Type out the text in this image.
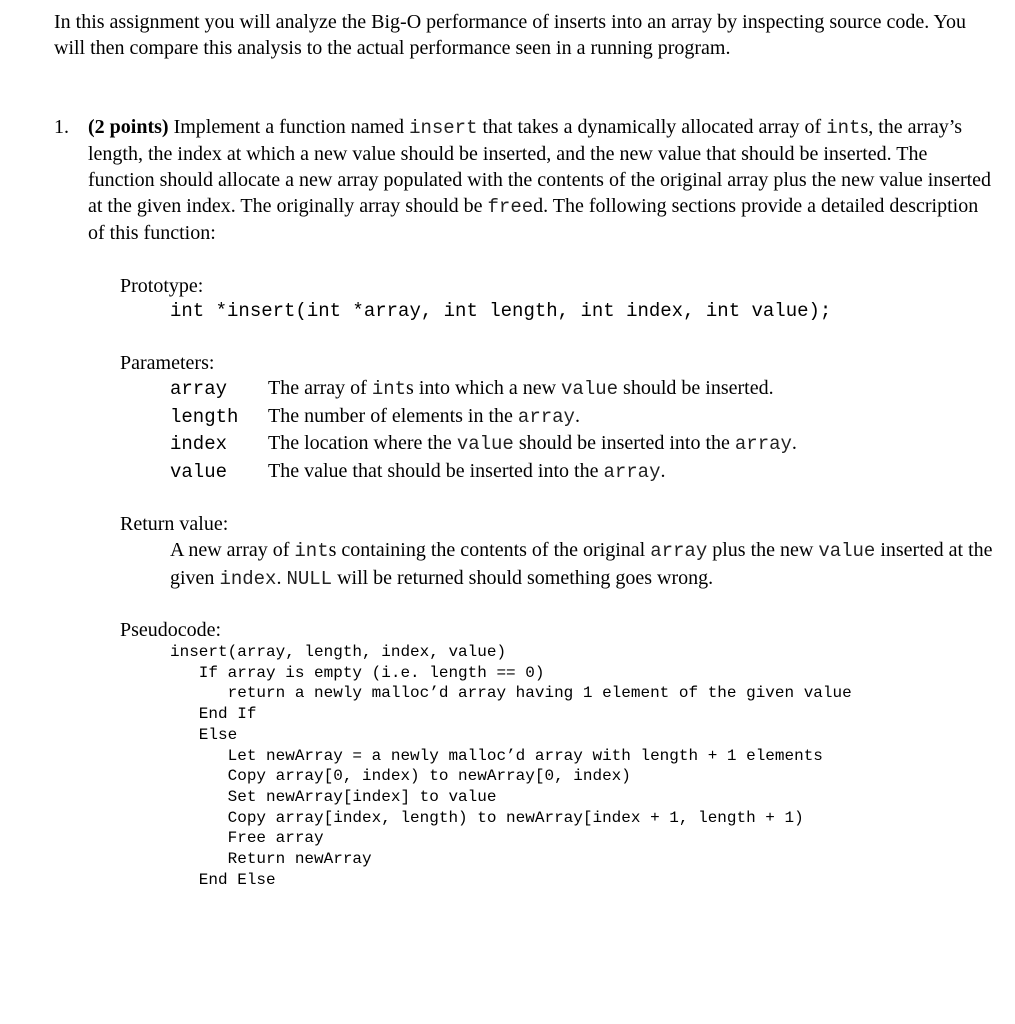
In this assignment you will analyze the Big-O performance of inserts into an array by inspecting source code. You will then compare this analysis to the actual performance seen in a running program.
1. (2 points) Implement a function named insert that takes a dynamically allocated array of ints, the array’s length, the index at which a new value should be inserted, and the new value that should be inserted. The function should allocate a new array populated with the contents of the original array plus the new value inserted at the given index. The originally array should be freed. The following sections provide a detailed description of this function:
Prototype:
int *insert(int *array, int length, int index, int value);
Parameters:
array The array of ints into which a new value should be inserted.
length The number of elements in the array.
index The location where the value should be inserted into the array.
value The value that should be inserted into the array.
Return value:
A new array of ints containing the contents of the original array plus the new value inserted at the given index. NULL will be returned should something goes wrong.
Pseudocode:
insert(array, length, index, value)
If array is empty (i.e. length == 0)
return a newly malloc’d array having 1 element of the given value
End If
Else
Let newArray = a newly malloc’d array with length + 1 elements
Copy array[0, index) to newArray[0, index)
Set newArray[index] to value
Copy array[index, length) to newArray[index + 1, length + 1)
Free array
Return newArray
End Else
